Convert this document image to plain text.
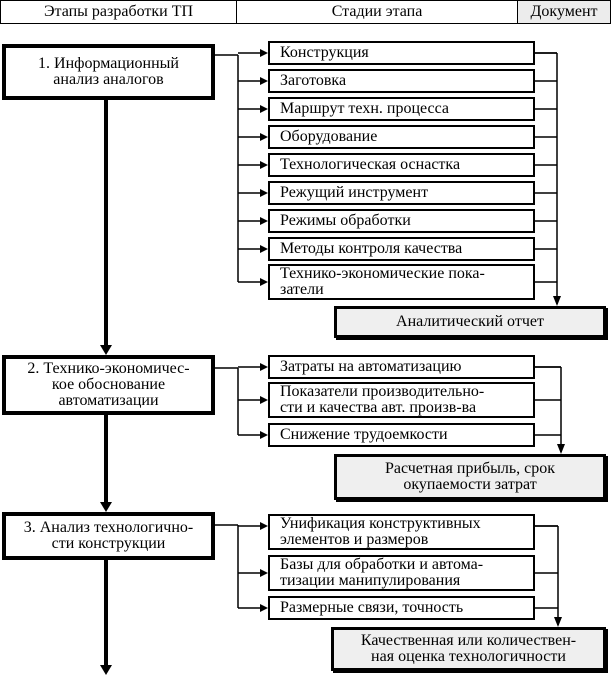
Этапы разработки ТП	Стадии этапа	Документ
1. Информационный
анализ аналогов
Конструкция
Заготовка
Маршрут техн. процесса
Оборудование
Технологическая оснастка
Режущий инструмент
Режимы обработки
Методы контроля качества
Технико-экономические пока-
затели
Аналитический отчет
2. Технико-экономичес-
кое обоснование
автоматизации
Затраты на автоматизацию
Показатели производительно-
сти и качества авт. произв-ва
Снижение трудоемкости
Расчетная прибыль, срок
окупаемости затрат
3. Анализ технологично-
сти конструкции
Унификация конструктивных
элементов и размеров
Базы для обработки и автома-
тизации манипулирования
Размерные связи, точность
Качественная или количествен-
ная оценка технологичности
